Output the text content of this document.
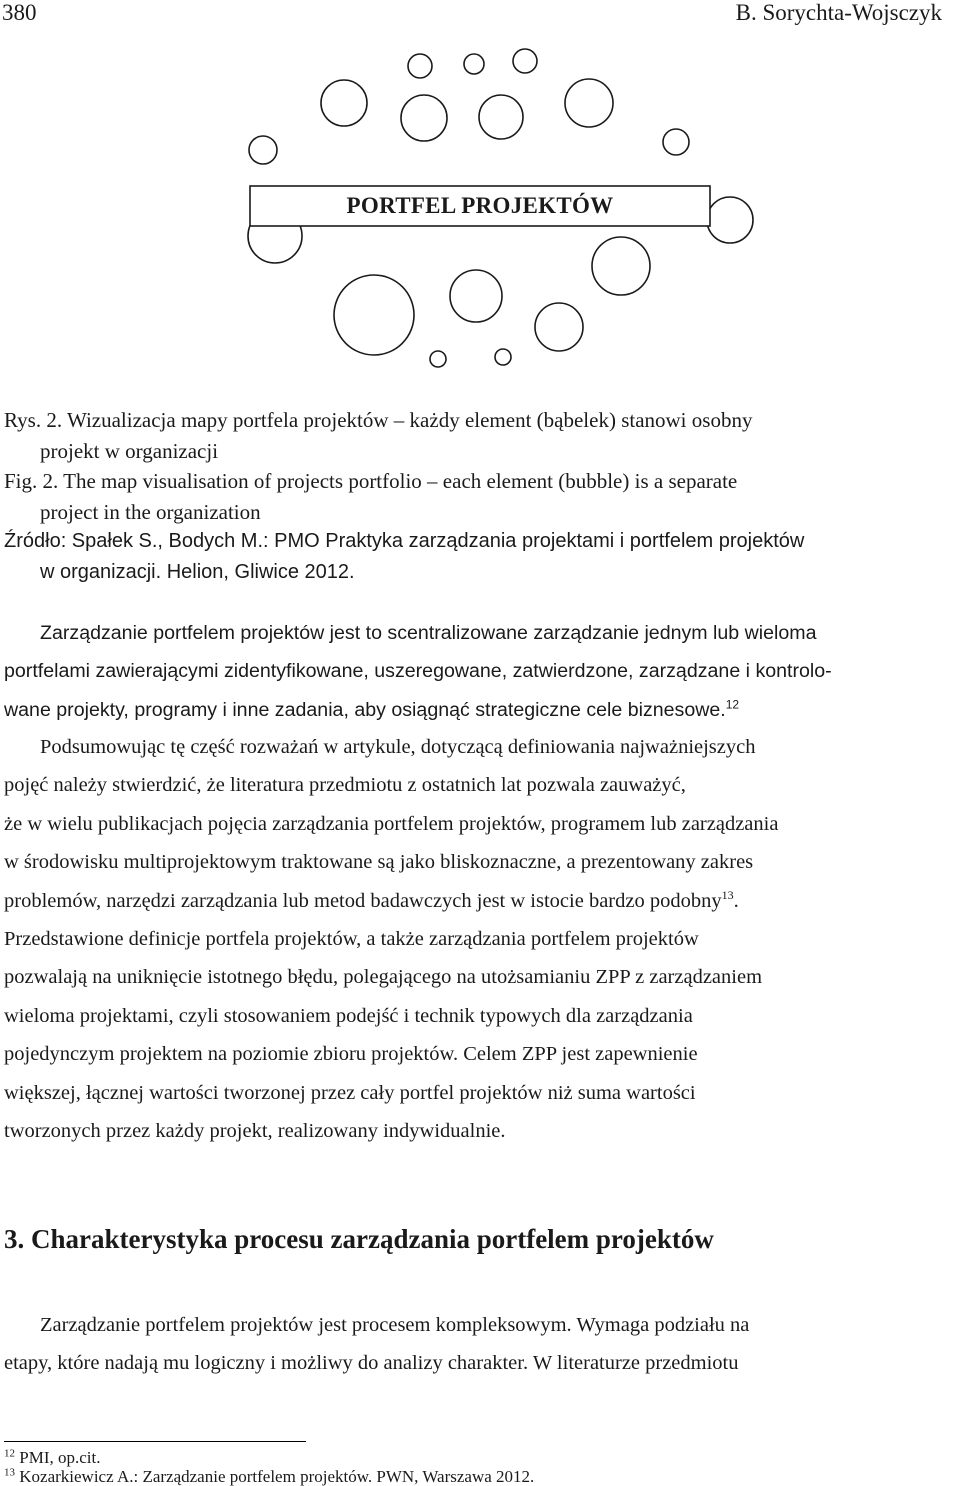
380	B. Sorychta-Wojsczyk
PORTFEL PROJEKTÓW
Rys. 2. Wizualizacja mapy portfela projektów – każdy element (bąbelek) stanowi osobny
projekt w organizacji
Fig. 2. The map visualisation of projects portfolio – each element (bubble) is a separate
project in the organization
Źródło: Spałek S., Bodych M.: PMO Praktyka zarządzania projektami i portfelem projektów
w organizacji. Helion, Gliwice 2012.
Zarządzanie portfelem projektów jest to scentralizowane zarządzanie jednym lub wieloma
portfelami zawierającymi zidentyfikowane, uszeregowane, zatwierdzone, zarządzane i kontrolo-
wane projekty, programy i inne zadania, aby osiągnąć strategiczne cele biznesowe.$^{12}$
Podsumowując tę część rozważań w artykule, dotyczącą definiowania najważniejszych
pojęć należy stwierdzić, że literatura przedmiotu z ostatnich lat pozwala zauważyć,
że w wielu publikacjach pojęcia zarządzania portfelem projektów, programem lub zarządzania
w środowisku multiprojektowym traktowane są jako bliskoznaczne, a prezentowany zakres
problemów, narzędzi zarządzania lub metod badawczych jest w istocie bardzo podobny$^{13}$.
Przedstawione definicje portfela projektów, a także zarządzania portfelem projektów
pozwalają na uniknięcie istotnego błędu, polegającego na utożsamianiu ZPP z zarządzaniem
wieloma projektami, czyli stosowaniem podejść i technik typowych dla zarządzania
pojedynczym projektem na poziomie zbioru projektów. Celem ZPP jest zapewnienie
większej, łącznej wartości tworzonej przez cały portfel projektów niż suma wartości
tworzonych przez każdy projekt, realizowany indywidualnie.
3. Charakterystyka procesu zarządzania portfelem projektów
Zarządzanie portfelem projektów jest procesem kompleksowym. Wymaga podziału na
etapy, które nadają mu logiczny i możliwy do analizy charakter. W literaturze przedmiotu
$^{12}$ PMI, op.cit.
$^{13}$ Kozarkiewicz A.: Zarządzanie portfelem projektów. PWN, Warszawa 2012.
